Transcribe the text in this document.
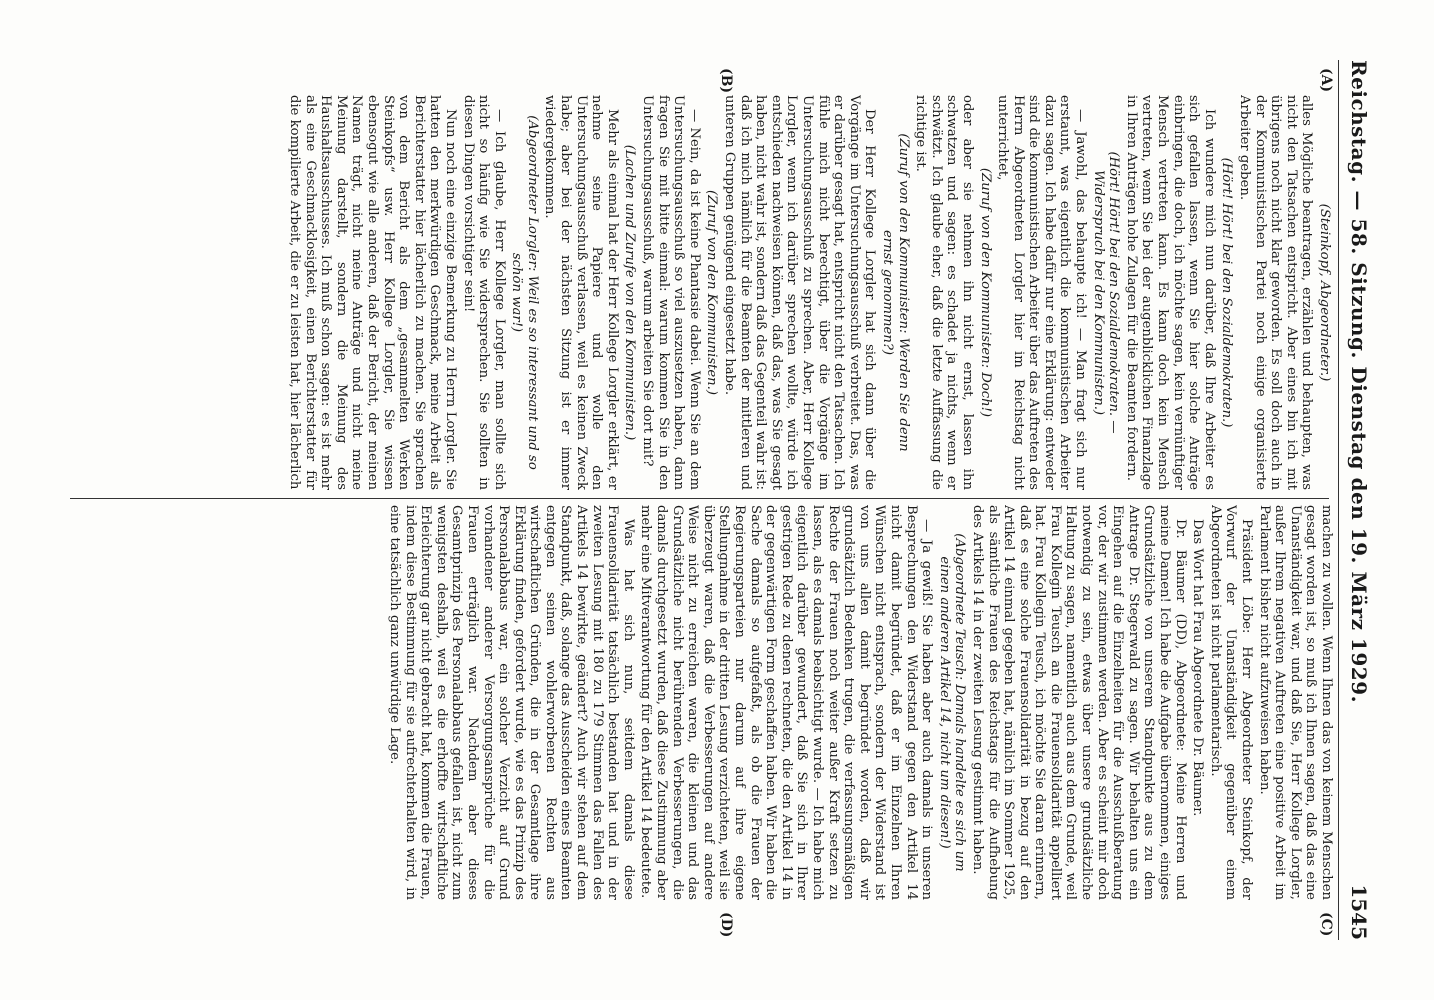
Reichstag. — 58. Sitzung. Dienstag den 19. März 1929.
1545
(A)
(B)
(C)
(D)

(Steinkopf, Abgeordneter.)

alles Mögliche beantragen, erzählen und behaupten, was nicht den Tatsachen entspricht. Aber eines bin ich mit übrigens noch nicht klar geworden. Es soll doch auch in der Kommunistischen Partei noch einige organisierte Arbeiter geben.

(Hört! Hört! bei den Sozialdemokraten.)

Ich wundere mich nun darüber, daß Ihre Arbeiter es sich gefallen lassen, wenn Sie hier solche Anträge einbringen, die doch, ich möchte sagen, kein vernünftiger Mensch vertreten kann. Es kann doch kein Mensch vertreten, wenn Sie bei der augenblicklichen Finanzlage in Ihren Anträgen hohe Zulagen für die Beamten fordern.

(Hört! Hört! bei den Sozialdemokraten. — Widerspruch bei den Kommunisten.)

— Jawohl, das behaupte ich! — Man fragt sich nur erstaunt, was eigentlich die kommunistischen Arbeiter dazu sagen. Ich habe dafür nur eine Erklärung: entweder sind die kommunistischen Arbeiter über das Auftreten des Herrn Abgeordneten Lorgler hier im Reichstag nicht unterrichtet,

(Zuruf von den Kommunisten: Doch!)

oder aber sie nehmen ihn nicht ernst, lassen ihn schwatzen und sagen: es schadet ja nichts, wenn er schwätzt. Ich glaube eher, daß die letzte Auffassung die richtige ist.

(Zuruf von den Kommunisten: Werden Sie denn ernst genommen?)

Der Herr Kollege Lorgler hat sich dann über die Vorgänge im Untersuchungsausschuß verbreitet. Das, was er darüber gesagt hat, entspricht nicht den Tatsachen. Ich fühle mich nicht berechtigt, über die Vorgänge im Untersuchungsausschuß zu sprechen. Aber, Herr Kollege Lorgler, wenn ich darüber sprechen wollte, würde ich entschieden nachweisen können, daß das, was Sie gesagt haben, nicht wahr ist, sondern daß das Gegenteil wahr ist: daß ich mich nämlich für die Beamten der mittleren und unteren Gruppen genügend eingesetzt habe.

(Zuruf von den Kommunisten.)

— Nein, da ist keine Phantasie dabei. Wenn Sie an dem Untersuchungsausschuß so viel auszusetzen haben, dann fragen Sie mit bitte einmal: warum kommen Sie in den Untersuchungsausschuß, warum arbeiten Sie dort mit?

(Lachen und Zurufe von den Kommunisten.)

Mehr als einmal hat der Herr Kollege Lorgler erklärt, er nehme seine Papiere und wolle den Untersuchungsausschuß verlassen, weil es keinen Zweck habe; aber bei der nächsten Sitzung ist er immer wiedergekommen.

(Abgeordneter Lorgler: Weil es so interessant und so schön war!)

— Ich glaube, Herr Kollege Lorgler, man sollte sich nicht so häufig wie Sie widersprechen. Sie sollten in diesen Dingen vorsichtiger sein!

Nun noch eine einzige Bemerkung zu Herrn Lorgler. Sie hatten den merkwürdigen Geschmack, meine Arbeit als Berichterstatter hier lächerlich zu machen. Sie sprachen von dem Bericht als dem „gesammelten Werken Steinkopfs“ usw. Herr Kollege Lorgler, Sie wissen ebensogut wie alle anderen, daß der Bericht, der meinen Namen trägt, nicht meine Anträge und nicht meine Meinung darstellt, sondern die Meinung des Haushaltsausschusses. Ich muß schon sagen: es ist mehr als eine Geschmacklosigkeit, einen Berichterstatter für die kompilierte Arbeit, die er zu leisten hat, hier lächerlich

machen zu wollen. Wenn Ihnen das von keinem Menschen gesagt worden ist, so muß ich Ihnen sagen, daß das eine Unanständigkeit war, und daß Sie, Herr Kollege Lorgler, außer Ihrem negativen Auftreten eine positive Arbeit im Parlament bisher nicht aufzuweisen haben.

Präsident Löbe: Herr Abgeordneter Steinkopf, der Vorwurf der Unanständigkeit gegenüber einem Abgeordneten ist nicht parlamentarisch.

Das Wort hat Frau Abgeordnete Dr. Bäumer.

Dr. Bäumer (DD), Abgeordnete: Meine Herren und meine Damen! Ich habe die Aufgabe übernommen, einiges Grundsätzliche von unserem Standpunkte aus zu dem Antrage Dr. Stegerwald zu sagen. Wir behalten uns ein Eingehen auf die Einzelheiten für die Ausschußberatung vor, der wir zustimmen werden. Aber es scheint mir doch notwendig zu sein, etwas über unsere grundsätzliche Haltung zu sagen, namentlich auch aus dem Grunde, weil Frau Kollegin Teusch an die Frauensolidarität appelliert hat. Frau Kollegin Teusch, ich möchte Sie daran erinnern, daß es eine solche Frauensolidarität in bezug auf den Artikel 14 einmal gegeben hat, nämlich im Sommer 1925, als sämtliche Frauen des Reichstags für die Aufhebung des Artikels 14 in der zweiten Lesung gestimmt haben.

(Abgeordnete Teusch: Damals handelte es sich um einen anderen Artikel 14, nicht um diesen!)

— Ja gewiß! Sie haben aber auch damals in unseren Besprechungen den Widerstand gegen den Artikel 14 nicht damit begründet, daß er im Einzelnen Ihren Wünschen nicht entsprach, sondern der Widerstand ist von uns allen damit begründet worden, daß wir grundsätzlich Bedenken trugen, die verfassungsmäßigen Rechte der Frauen noch weiter außer Kraft setzen zu lassen, als es damals beabsichtigt wurde. — Ich habe mich eigentlich darüber gewundert, daß Sie sich in Ihrer gestrigen Rede zu denen rechneten, die den Artikel 14 in der gegenwärtigen Form geschaffen haben. Wir haben die Sache damals so aufgefaßt, als ob die Frauen der Regierungsparteien nur darum auf ihre eigene Stellungnahme in der dritten Lesung verzichteten, weil sie überzeugt waren, daß die Verbesserungen auf andere Weise nicht zu erreichen waren, die kleinen und das Grundsätzliche nicht berührenden Verbesserungen, die damals durchgesetzt wurden, daß diese Zustimmung aber mehr eine Mitverantwortung für den Artikel 14 bedeutete.

Was hat sich nun, seitdem damals diese Frauensolidarität tatsächlich bestanden hat und in der zweiten Lesung mit 180 zu 179 Stimmen das Fallen des Artikels 14 bewirkte, geändert? Auch wir stehen auf dem Standpunkt, daß, solange das Ausscheiden eines Beamten entgegen seinen wohlerworbenen Rechten aus wirtschaftlichen Gründen, die in der Gesamtlage ihre Erklärung finden, gefordert wurde, wie es das Prinzip des Personalabbaus war, ein solcher Verzicht auf Grund vorhandener anderer Versorgungsansprüche für die Frauen erträglich war. Nachdem aber dieses Gesamtprinzip des Personalabbaus gefallen ist, nicht zum wenigsten deshalb, weil es die erhoffte wirtschaftliche Erleichterung gar nicht gebracht hat, kommen die Frauen, indem diese Bestimmung für sie aufrechterhalten wird, in eine tatsächlich ganz unwürdige Lage.
